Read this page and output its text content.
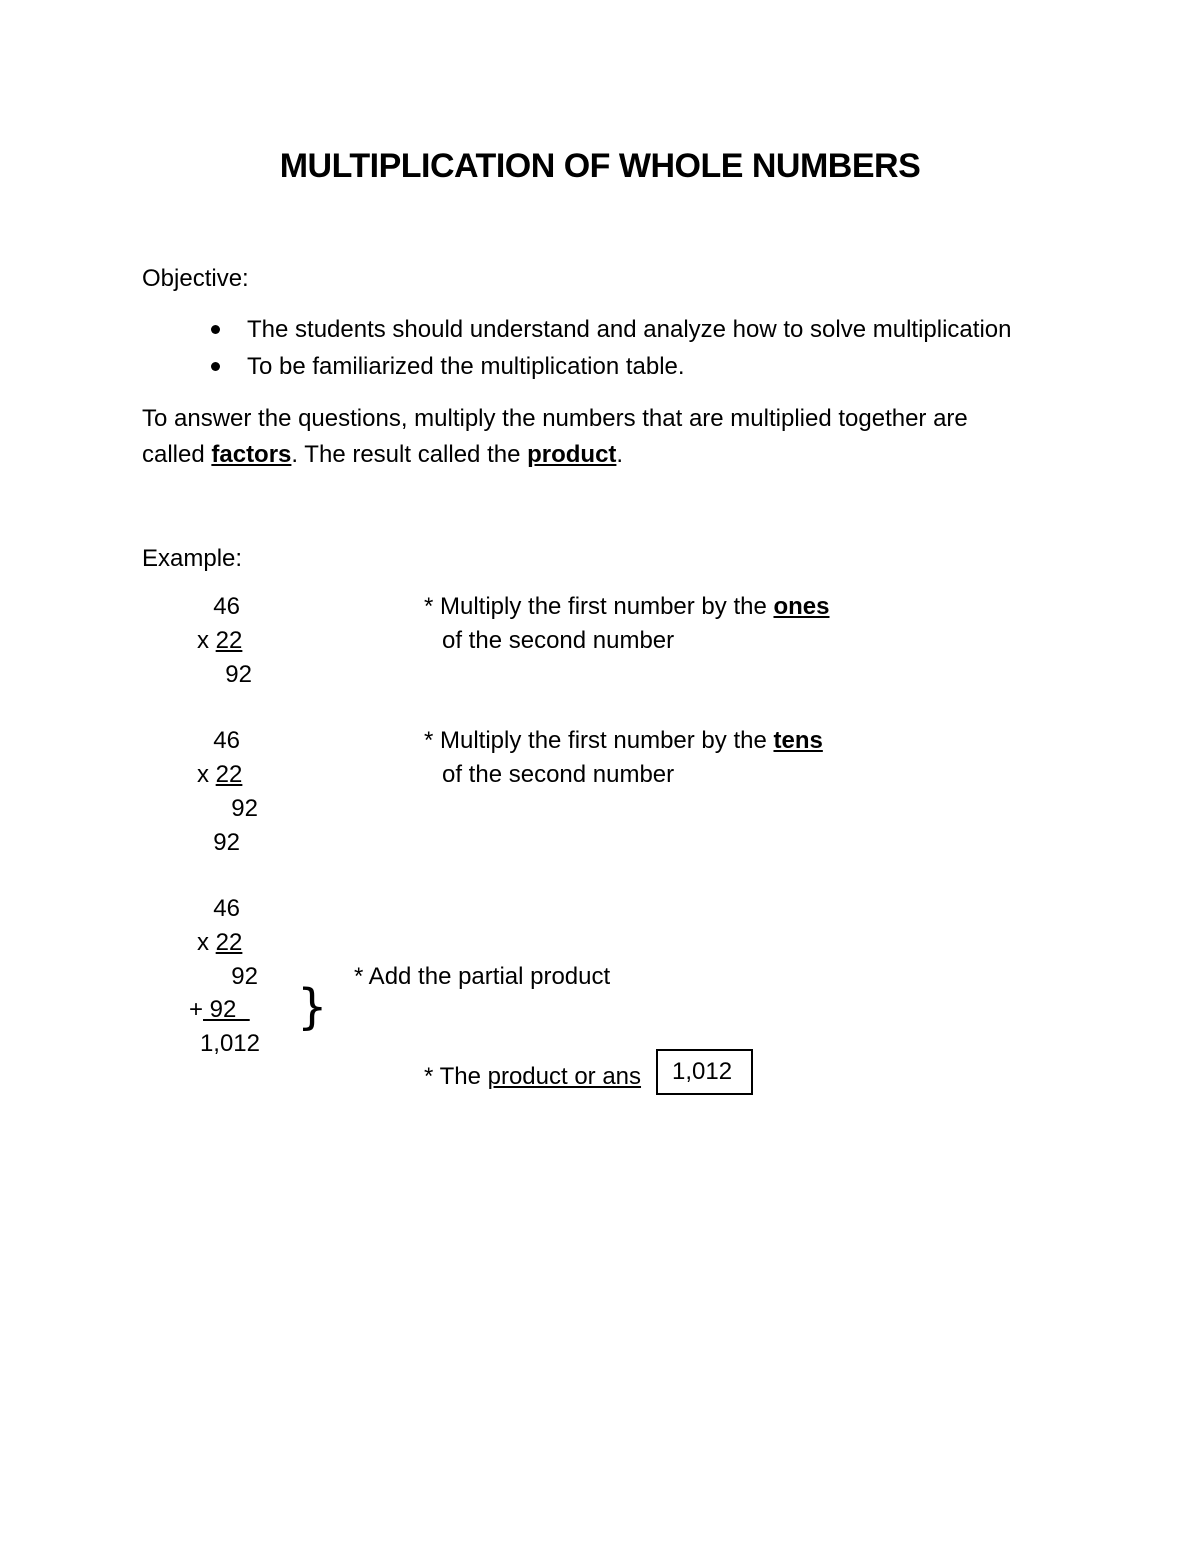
MULTIPLICATION OF WHOLE NUMBERS
Objective:
The students should understand and analyze how to solve multiplication
To be familiarized the multiplication table.
To answer the questions, multiply the numbers that are multiplied together are
called factors. The result called the product.
Example:
46
x 22
92
* Multiply the first number by the ones
of the second number
46
x 22
92
92
* Multiply the first number by the tens
of the second number
46
x 22
92
+ 92
1,012
}
* Add the partial product
* The product or ans 1,012
